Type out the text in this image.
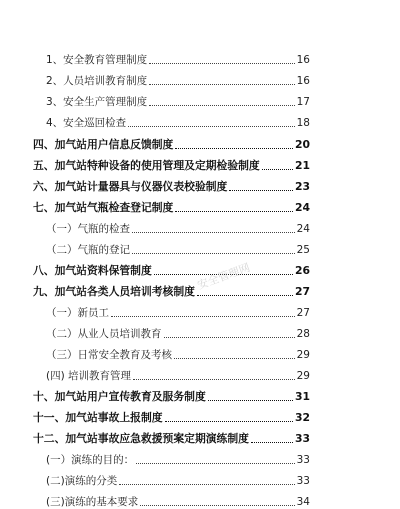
1、安全教育管理制度	16
2、人员培训教育制度	16
3、安全生产管理制度	17
4、安全巡回检查	18
四、加气站用户信息反馈制度	20
五、加气站特种设备的使用管理及定期检验制度	21
六、加气站计量器具与仪器仪表校验制度	23
七、加气站气瓶检查登记制度	24
（一）气瓶的检查	24
（二）气瓶的登记	25
八、加气站资料保管制度	26
九、加气站各类人员培训考核制度	27
（一）新员工	27
（二）从业人员培训教育	28
（三）日常安全教育及考核	29
(四) 培训教育管理	29
十、加气站用户宣传教育及服务制度	31
十一、加气站事故上报制度	32
十二、加气站事故应急救援预案定期演练制度	33
(一）演练的目的：	33
(二)演练的分类	33
(三)演练的基本要求	34
安全管理网
